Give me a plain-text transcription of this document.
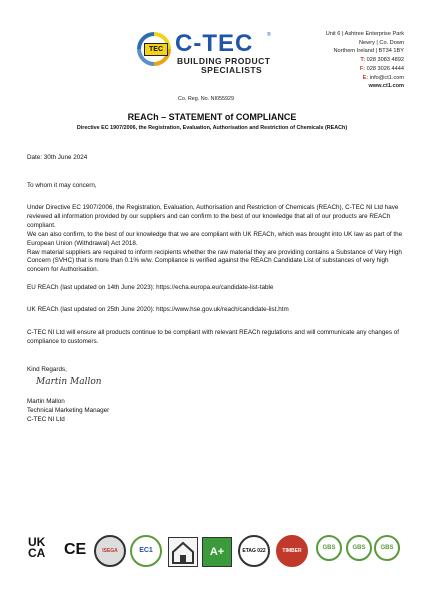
TEC C-TEC	®
BUILDING PRODUCT
SPECIALISTS
Unit 6 | Ashtree Enterprise Park
Newry | Co. Down
Northern Ireland | BT34 1BY
T: 028 3083 4892
F: 028 3026 4444
E: info@ct1.com
www.ct1.com
Co. Reg. No. NI055929
REACh – STATEMENT of COMPLIANCE
Directive EC 1907/2006, the Registration, Evaluation, Authorisation and Restriction of Chemicals (REACh)
Date: 30th June 2024
To whom it may concern,
Under Directive EC 1907/2006, the Registration, Evaluation, Authorisation and Restriction of Chemicals (REACh), C-TEC NI Ltd have reviewed all information provided by our suppliers and can confirm to the best of our knowledge that all of our products are REACh compliant.
We can also confirm, to the best of our knowledge that we are compliant with UK REACh, which was brought into UK law as part of the European Union (Withdrawal) Act 2018.
Raw material suppliers are required to inform recipients whether the raw material they are providing contains a Substance of Very High Concern (SVHC) that is more than 0.1% w/w. Compliance is verified against the REACh Candidate List of substances of very high concern for Authorisation.
EU REACh (last updated on 14th June 2023): https://echa.europa.eu/candidate-list-table
UK REACh (last updated on 25th June 2020): https://www.hse.gov.uk/reach/candidate-list.htm
C-TEC NI Ltd will ensure all products continue to be compliant with relevant REACh regulations and will communicate any changes of compliance to customers.
Kind Regards,
Martin Mallon
Martin Mallon
Technical Marketing Manager
C-TEC NI Ltd
UK
CA	CE	ISEGA	EC1	A+	ETAG 022	TIMBER	GBS	GBS	GBS
